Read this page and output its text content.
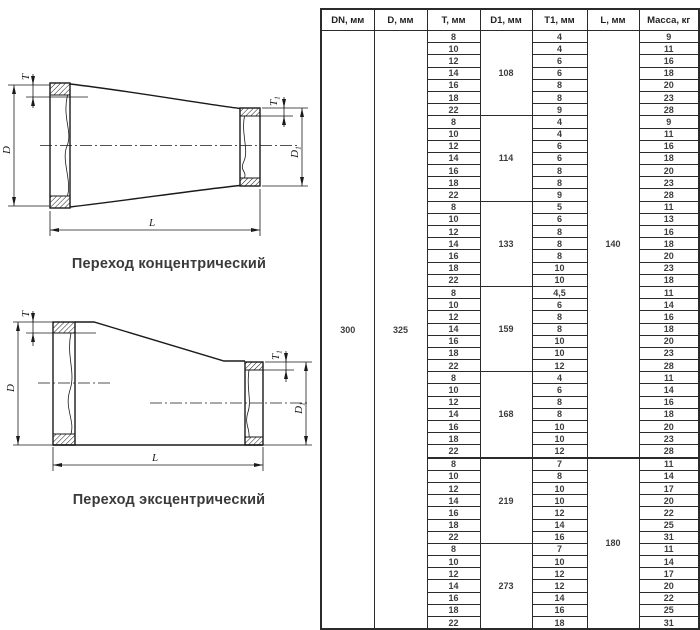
D
T
$T_1$
$D_1$
L
D
T
$T_1$
$D_1$
L
Переход концентрический
Переход эксцентрический
DN, мм	D, мм	T, мм	D1, мм	T1, мм	L, мм	Масса, кг
300	325	8	108	4	140	9
		10		4		11
		12		6		16
		14		6		18
		16		8		20
		18		8		23
		22		9		28
		8	114	4		9
		10		4		11
		12		6		16
		14		6		18
		16		8		20
		18		8		23
		22		9		28
		8	133	5		11
		10		6		13
		12		8		16
		14		8		18
		16		8		20
		18		10		23
		22		10		18
		8	159	4,5		11
		10		6		14
		12		8		16
		14		8		18
		16		10		20
		18		10		23
		22		12		28
		8	168	4		11
		10		6		14
		12		8		16
		14		8		18
		16		10		20
		18		10		23
		22		12		28
		8	219	7	180	11
		10		8		14
		12		10		17
		14		10		20
		16		12		22
		18		14		25
		22		16		31
		8	273	7		11
		10		10		14
		12		12		17
		14		12		20
		16		14		22
		18		16		25
		22		18		31
